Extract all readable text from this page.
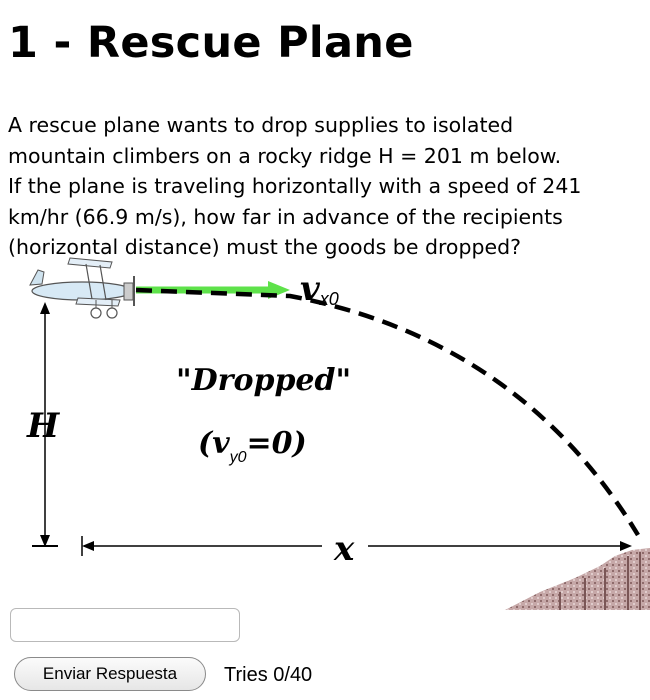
1 - Rescue Plane
A rescue plane wants to drop supplies to isolated
mountain climbers on a rocky ridge H = 201 m below.
If the plane is traveling horizontally with a speed of 241
km/hr (66.9 m/s), how far in advance of the recipients
(horizontal distance) must the goods be dropped?
vx0
"Dropped"
$(v_{y0}=0)$
H
x
Enviar Respuesta	Tries 0/40
